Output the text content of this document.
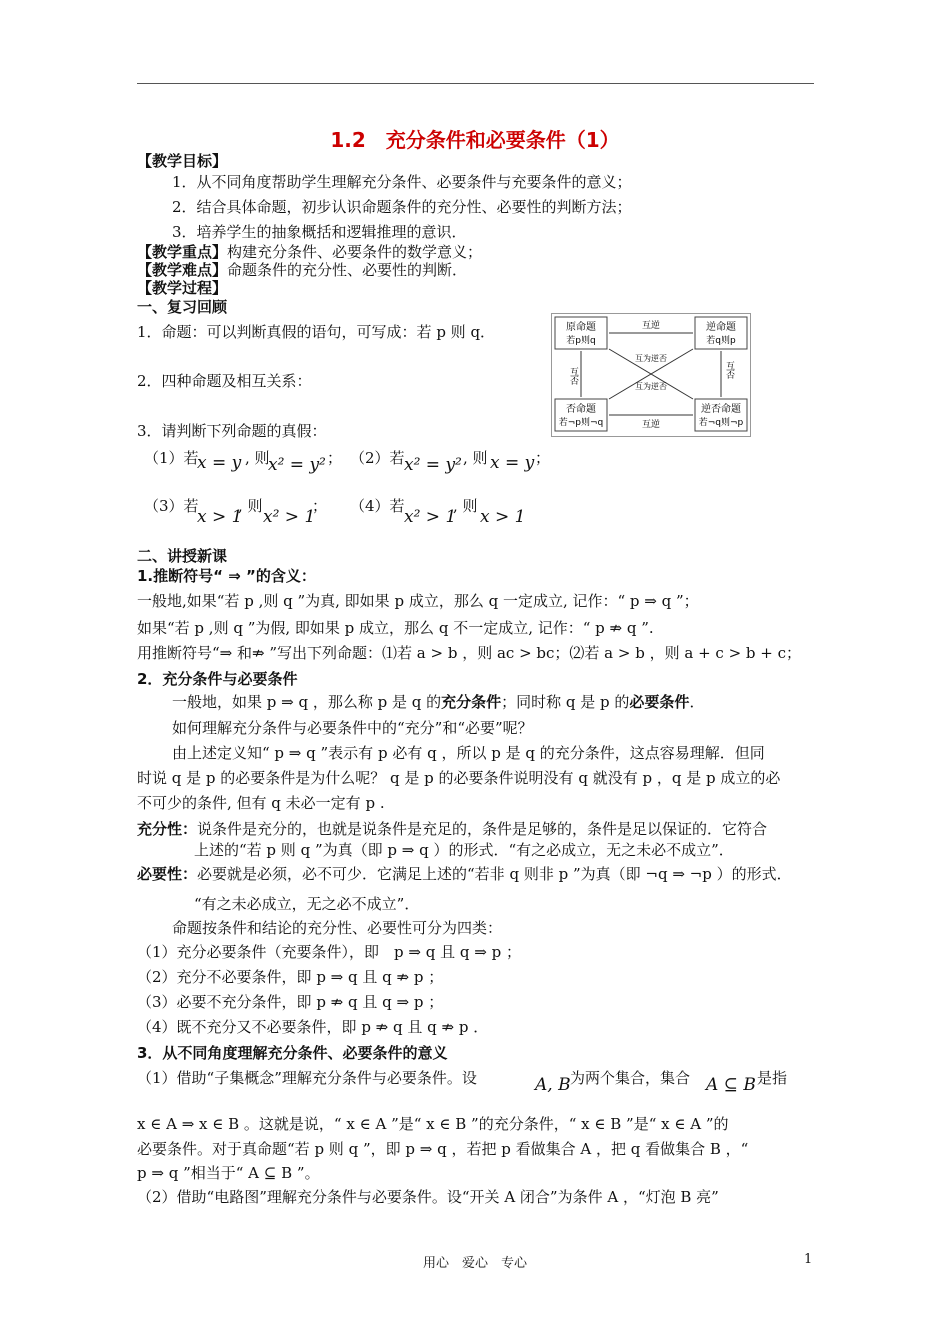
1.2　充分条件和必要条件（1）
【教学目标】
1．从不同角度帮助学生理解充分条件、必要条件与充要条件的意义；
2．结合具体命题，初步认识命题条件的充分性、必要性的判断方法；
3．培养学生的抽象概括和逻辑推理的意识．
【教学重点】构建充分条件、必要条件的数学意义；
【教学难点】命题条件的充分性、必要性的判断．
【教学过程】
一、复习回顾
1．命题：可以判断真假的语句，可写成：若 p 则 q．
2．四种命题及相互关系：
3．请判断下列命题的真假：
原命题
若p则q
逆命题
若q则p
否命题
若¬p则¬q
逆否命题
若¬q则¬p
互逆
互逆
互否	互否
互为逆否
互为逆否
（1）若
x = y , 则
x² = y² ； （2）若 x² = y² , 则 x = y ；
（3）若
x > 1
, 则
x² > 1
； （4）若
x² > 1
, 则
x > 1
二、讲授新课
1.推断符号“ ⇒ ”的含义：
一般地,如果“若 p ,则 q ”为真, 即如果 p 成立，那么 q 一定成立, 记作：“ p ⇒ q ”；
如果“若 p ,则 q ”为假, 即如果 p 成立，那么 q 不一定成立, 记作：“ p ⇏ q ”.
用推断符号“⇒ 和⇏ ”写出下列命题：⑴若 a > b ，则 ac > bc；⑵若 a > b ，则 a + c > b + c；
2．充分条件与必要条件
一般地，如果 p ⇒ q ，那么称 p 是 q 的充分条件；同时称 q 是 p 的必要条件．
如何理解充分条件与必要条件中的“充分”和“必要”呢？
由上述定义知“ p ⇒ q ”表示有 p 必有 q ，所以 p 是 q 的充分条件，这点容易理解．但同
时说 q 是 p 的必要条件是为什么呢？ q 是 p 的必要条件说明没有 q 就没有 p ，q 是 p 成立的必
不可少的条件, 但有 q 未必一定有 p .
充分性：说条件是充分的，也就是说条件是充足的，条件是足够的，条件是足以保证的．它符合
上述的“若 p 则 q ”为真（即 p ⇒ q ）的形式．“有之必成立，无之未必不成立”．
必要性：必要就是必须，必不可少．它满足上述的“若非 q 则非 p ”为真（即 ¬q ⇒ ¬p ）的形式．
“有之未必成立，无之必不成立”．
命题按条件和结论的充分性、必要性可分为四类：
（1）充分必要条件（充要条件），即　p ⇒ q 且 q ⇒ p ；
（2）充分不必要条件，即 p ⇒ q 且 q ⇏ p ；
（3）必要不充分条件，即 p ⇏ q 且 q ⇒ p ；
（4）既不充分又不必要条件，即 p ⇏ q 且 q ⇏ p ．
3．从不同角度理解充分条件、必要条件的意义
（1）借助“子集概念”理解充分条件与必要条件。设	A, B 为两个集合，集合 A ⊆ B 是指
x ∈ A ⇒ x ∈ B 。这就是说，“ x ∈ A ”是“ x ∈ B ”的充分条件，“ x ∈ B ”是“ x ∈ A ”的
必要条件。对于真命题“若 p 则 q ”，即 p ⇒ q ，若把 p 看做集合 A ，把 q 看做集合 B ，“
p ⇒ q ”相当于“ A ⊆ B ”。
（2）借助“电路图”理解充分条件与必要条件。设“开关 A 闭合”为条件 A ，“灯泡 B 亮”
用心　爱心　专心	1
